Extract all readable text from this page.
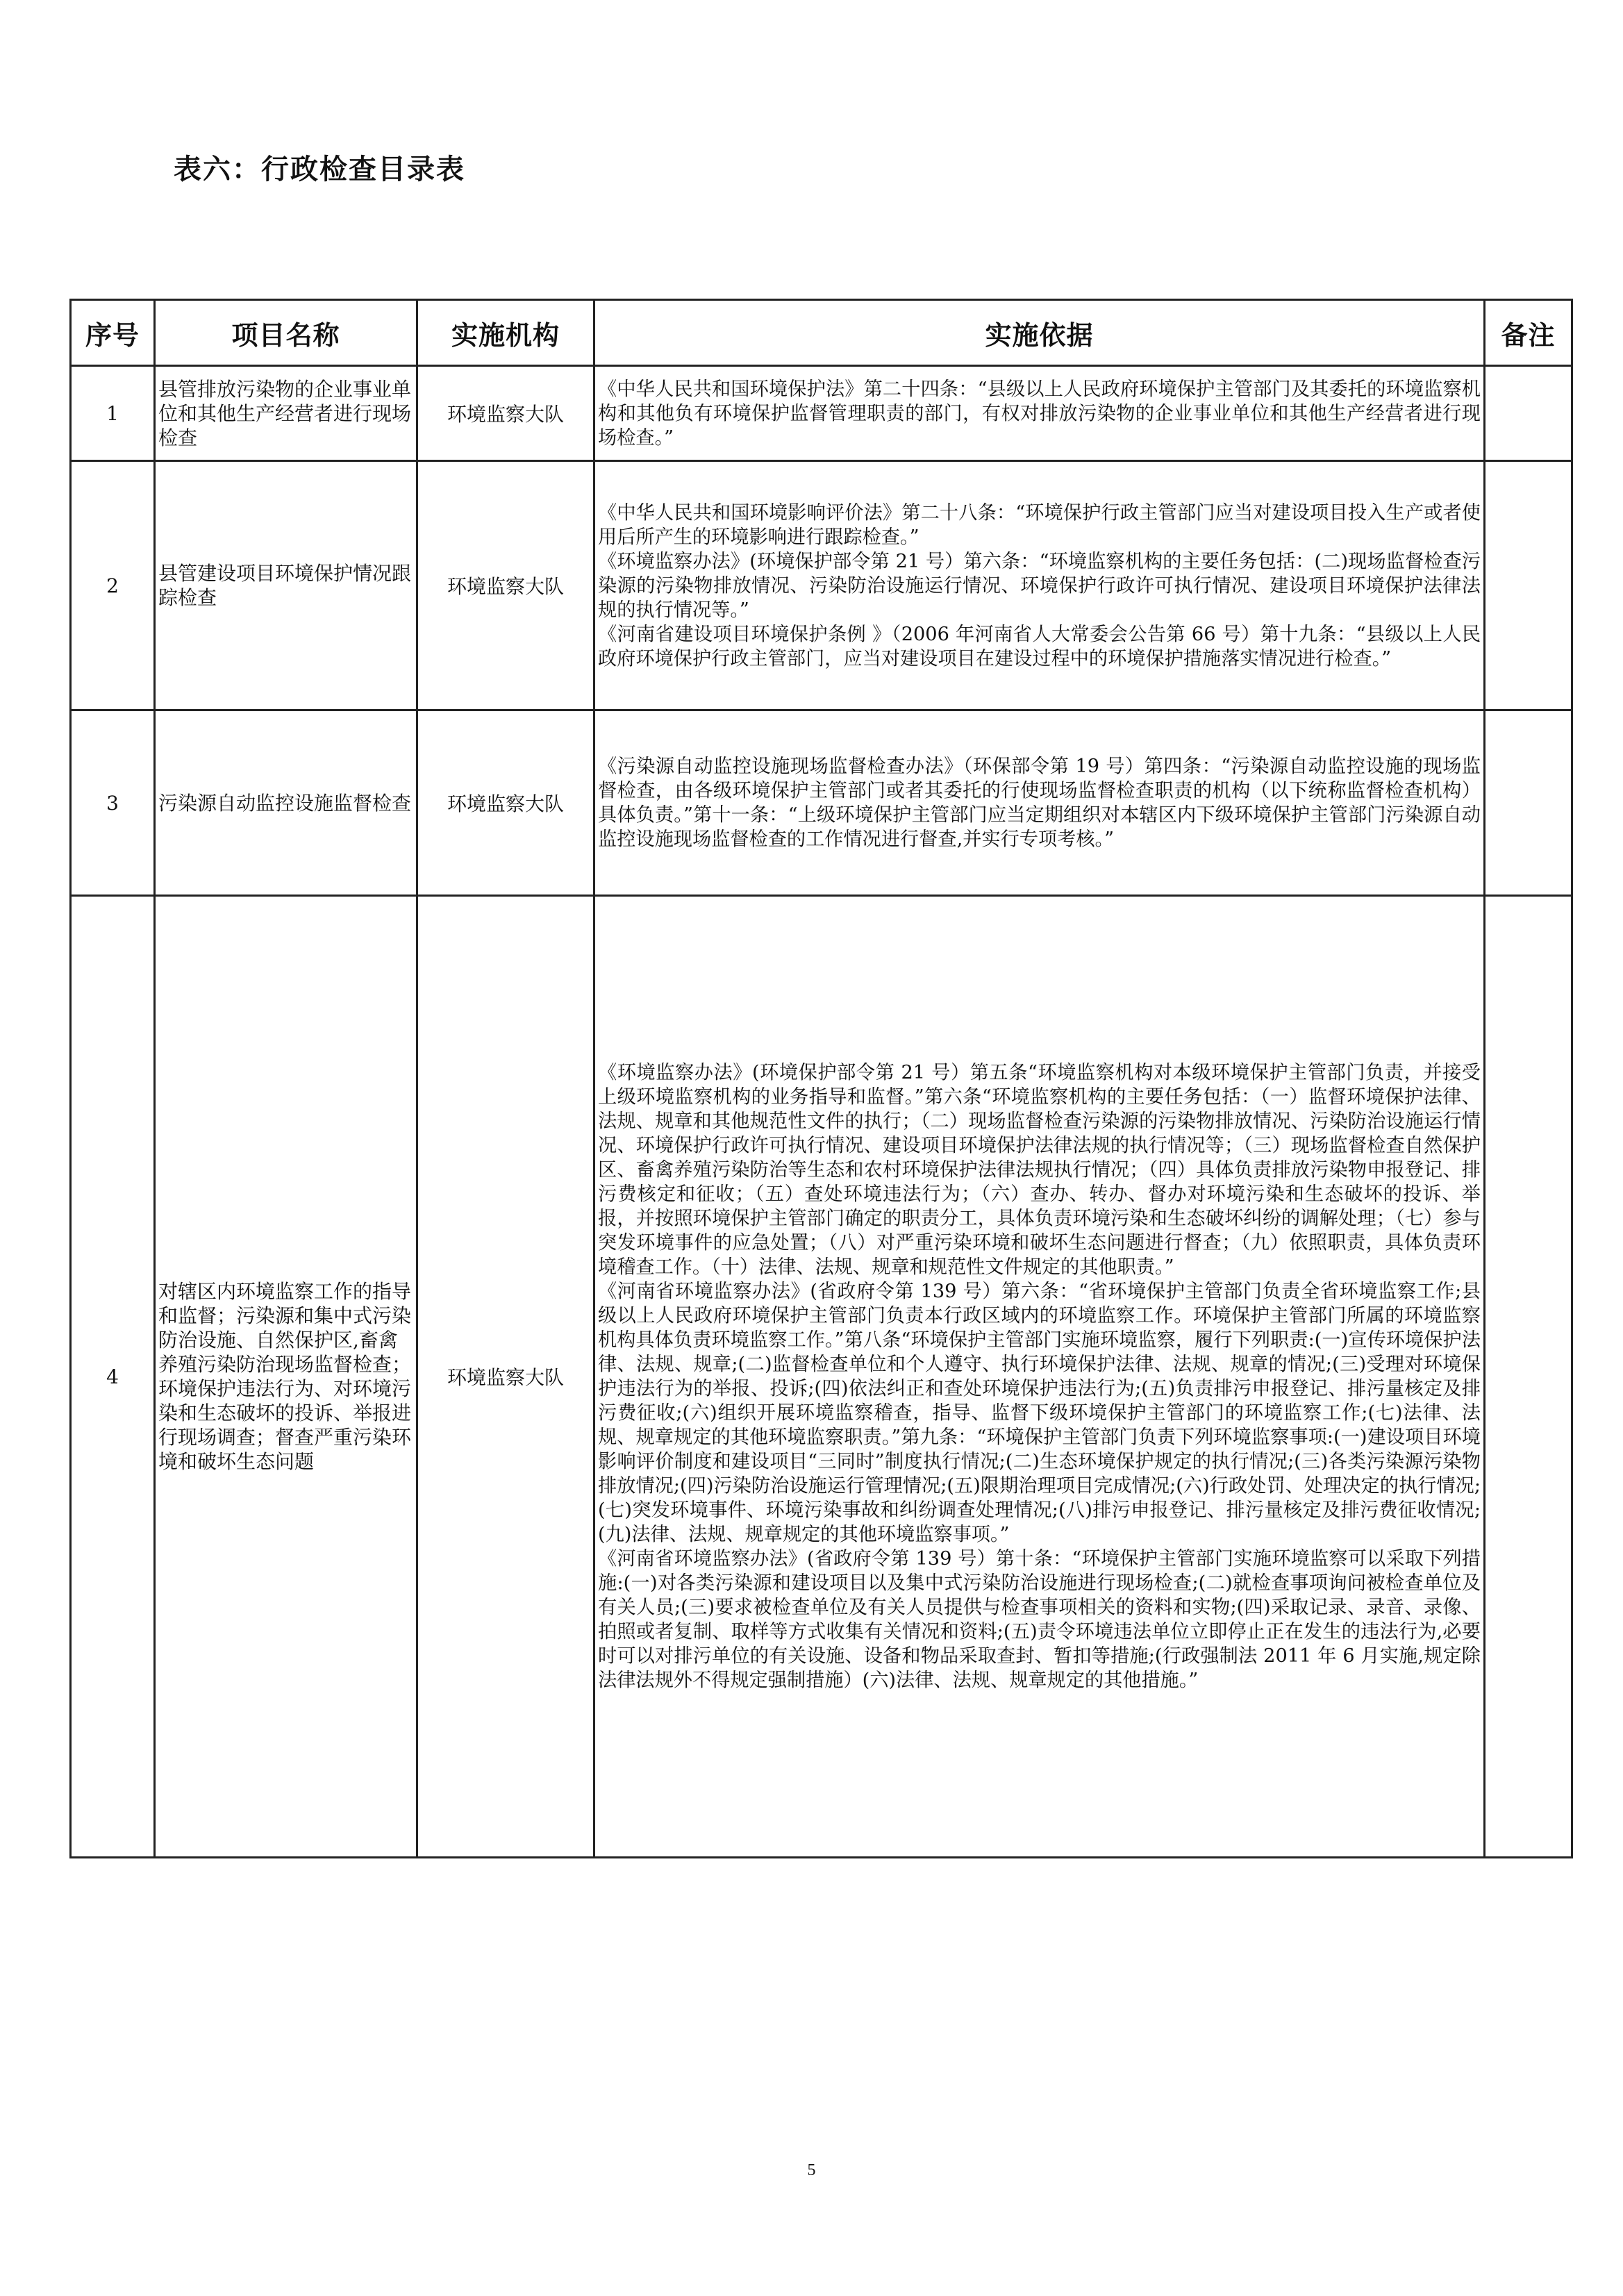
表六：行政检查目录表
序号	项目名称	实施机构	实施依据	备注
1	县管排放污染物的企业事业单位和其他生产经营者进行现场检查	环境监察大队	《中华人民共和国环境保护法》第二十四条：“县级以上人民政府环境保护主管部门及其委托的环境监察机构和其他负有环境保护监督管理职责的部门，有权对排放污染物的企业事业单位和其他生产经营者进行现场检查。”	

2	县管建设项目环境保护情况跟踪检查	环境监察大队	《中华人民共和国环境影响评价法》第二十八条：“环境保护行政主管部门应当对建设项目投入生产或者使用后所产生的环境影响进行跟踪检查。”

《环境监察办法》(环境保护部令第 21 号）第六条：“环境监察机构的主要任务包括：(二)现场监督检查污染源的污染物排放情况、污染防治设施运行情况、环境保护行政许可执行情况、建设项目环境保护法律法规的执行情况等。”

《河南省建设项目环境保护条例 》（2006 年河南省人大常委会公告第 66 号）第十九条：“县级以上人民政府环境保护行政主管部门，应当对建设项目在建设过程中的环境保护措施落实情况进行检查。”	

3	污染源自动监控设施监督检查	环境监察大队	《污染源自动监控设施现场监督检查办法》（环保部令第 19 号）第四条：“污染源自动监控设施的现场监督检查，由各级环境保护主管部门或者其委托的行使现场监督检查职责的机构（以下统称监督检查机构）具体负责。”第十一条：“上级环境保护主管部门应当定期组织对本辖区内下级环境保护主管部门污染源自动监控设施现场监督检查的工作情况进行督查,并实行专项考核。”	

4	对辖区内环境监察工作的指导和监督；污染源和集中式污染防治设施、自然保护区,畜禽养殖污染防治现场监督检查；环境保护违法行为、对环境污染和生态破坏的投诉、举报进行现场调查；督查严重污染环境和破坏生态问题	环境监察大队	《环境监察办法》(环境保护部令第 21 号）第五条“环境监察机构对本级环境保护主管部门负责，并接受上级环境监察机构的业务指导和监督。”第六条“环境监察机构的主要任务包括：（一）监督环境保护法律、法规、规章和其他规范性文件的执行；（二）现场监督检查污染源的污染物排放情况、污染防治设施运行情况、环境保护行政许可执行情况、建设项目环境保护法律法规的执行情况等；（三）现场监督检查自然保护区、畜禽养殖污染防治等生态和农村环境保护法律法规执行情况；（四）具体负责排放污染物申报登记、排污费核定和征收；（五）查处环境违法行为；（六）查办、转办、督办对环境污染和生态破坏的投诉、举报，并按照环境保护主管部门确定的职责分工，具体负责环境污染和生态破坏纠纷的调解处理；（七）参与突发环境事件的应急处置；（八）对严重污染环境和破坏生态问题进行督查；（九）依照职责，具体负责环境稽查工作。（十）法律、法规、规章和规范性文件规定的其他职责。”

《河南省环境监察办法》(省政府令第 139 号）第六条：“省环境保护主管部门负责全省环境监察工作;县级以上人民政府环境保护主管部门负责本行政区域内的环境监察工作。环境保护主管部门所属的环境监察机构具体负责环境监察工作。”第八条“环境保护主管部门实施环境监察，履行下列职责:(一)宣传环境保护法律、法规、规章;(二)监督检查单位和个人遵守、执行环境保护法律、法规、规章的情况;(三)受理对环境保护违法行为的举报、投诉;(四)依法纠正和查处环境保护违法行为;(五)负责排污申报登记、排污量核定及排污费征收;(六)组织开展环境监察稽查，指导、监督下级环境保护主管部门的环境监察工作;(七)法律、法规、规章规定的其他环境监察职责。”第九条：“环境保护主管部门负责下列环境监察事项:(一)建设项目环境影响评价制度和建设项目“三同时”制度执行情况;(二)生态环境保护规定的执行情况;(三)各类污染源污染物排放情况;(四)污染防治设施运行管理情况;(五)限期治理项目完成情况;(六)行政处罚、处理决定的执行情况;(七)突发环境事件、环境污染事故和纠纷调查处理情况;(八)排污申报登记、排污量核定及排污费征收情况;(九)法律、法规、规章规定的其他环境监察事项。”

《河南省环境监察办法》(省政府令第 139 号）第十条：“环境保护主管部门实施环境监察可以采取下列措施:(一)对各类污染源和建设项目以及集中式污染防治设施进行现场检查;(二)就检查事项询问被检查单位及有关人员;(三)要求被检查单位及有关人员提供与检查事项相关的资料和实物;(四)采取记录、录音、录像、拍照或者复制、取样等方式收集有关情况和资料;(五)责令环境违法单位立即停止正在发生的违法行为,必要时可以对排污单位的有关设施、设备和物品采取查封、暂扣等措施;(行政强制法 2011 年 6 月实施,规定除法律法规外不得规定强制措施）(六)法律、法规、规章规定的其他措施。”	

5
